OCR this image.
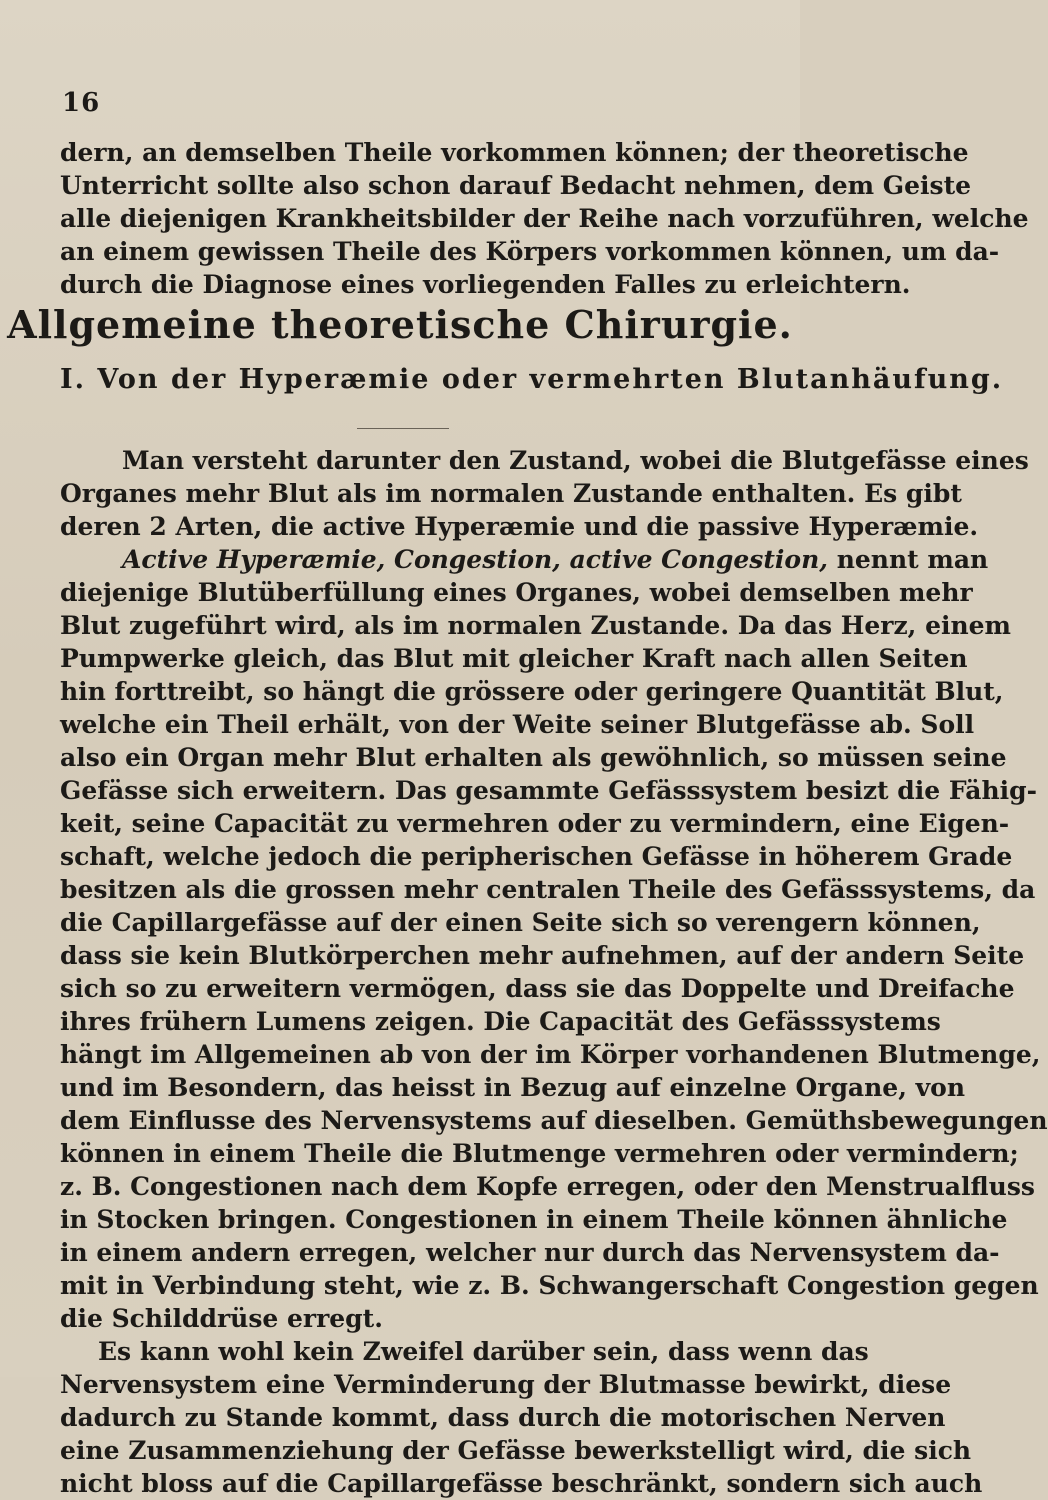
16
dern, an demselben Theile vorkommen können; der theoretische
Unterricht sollte also schon darauf Bedacht nehmen, dem Geiste
alle diejenigen Krankheitsbilder der Reihe nach vorzuführen, welche
an einem gewissen Theile des Körpers vorkommen können, um da-
durch die Diagnose eines vorliegenden Falles zu erleichtern.
Allgemeine theoretische Chirurgie.
I. Von der Hyperæmie oder vermehrten Blutanhäufung.
Man versteht darunter den Zustand, wobei die Blutgefässe eines
Organes mehr Blut als im normalen Zustande enthalten. Es gibt
deren 2 Arten, die active Hyperæmie und die passive Hyperæmie.
Active Hyperæmie, Congestion, active Congestion, nennt man
diejenige Blutüberfüllung eines Organes, wobei demselben mehr
Blut zugeführt wird, als im normalen Zustande. Da das Herz, einem
Pumpwerke gleich, das Blut mit gleicher Kraft nach allen Seiten
hin forttreibt, so hängt die grössere oder geringere Quantität Blut,
welche ein Theil erhält, von der Weite seiner Blutgefässe ab. Soll
also ein Organ mehr Blut erhalten als gewöhnlich, so müssen seine
Gefässe sich erweitern. Das gesammte Gefässsystem besizt die Fähig-
keit, seine Capacität zu vermehren oder zu vermindern, eine Eigen-
schaft, welche jedoch die peripherischen Gefässe in höherem Grade
besitzen als die grossen mehr centralen Theile des Gefässsystems, da
die Capillargefässe auf der einen Seite sich so verengern können,
dass sie kein Blutkörperchen mehr aufnehmen, auf der andern Seite
sich so zu erweitern vermögen, dass sie das Doppelte und Dreifache
ihres frühern Lumens zeigen. Die Capacität des Gefässsystems
hängt im Allgemeinen ab von der im Körper vorhandenen Blutmenge,
und im Besondern, das heisst in Bezug auf einzelne Organe, von
dem Einflusse des Nervensystems auf dieselben. Gemüthsbewegungen
können in einem Theile die Blutmenge vermehren oder vermindern;
z. B. Congestionen nach dem Kopfe erregen, oder den Menstrualfluss
in Stocken bringen. Congestionen in einem Theile können ähnliche
in einem andern erregen, welcher nur durch das Nervensystem da-
mit in Verbindung steht, wie z. B. Schwangerschaft Congestion gegen
die Schilddrüse erregt.
Es kann wohl kein Zweifel darüber sein, dass wenn das
Nervensystem eine Verminderung der Blutmasse bewirkt, diese
dadurch zu Stande kommt, dass durch die motorischen Nerven
eine Zusammenziehung der Gefässe bewerkstelligt wird, die sich
nicht bloss auf die Capillargefässe beschränkt, sondern sich auch
